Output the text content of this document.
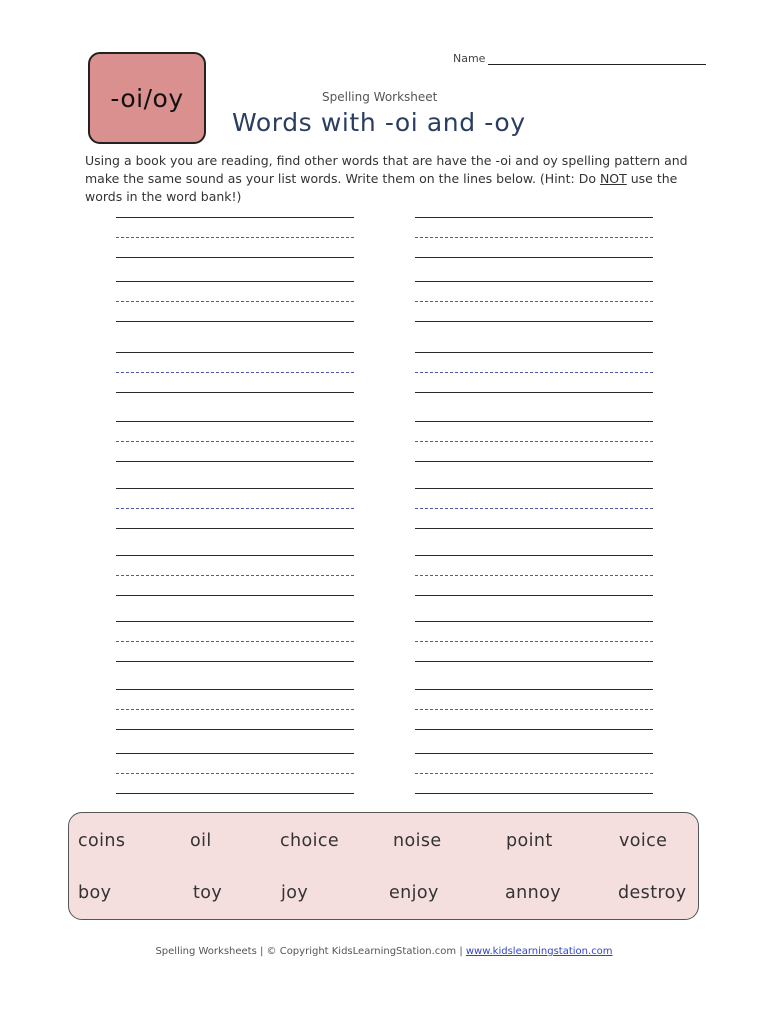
-oi/oy
Name
Spelling Worksheet
Words with -oi and -oy
Using a book you are reading, find other words that are have the -oi and oy spelling pattern and make the same sound as your list words. Write them on the lines below. (Hint: Do NOT use the words in the word bank!)
coins	oil	choice	noise	point	voice
boy	toy	joy	enjoy	annoy	destroy
Spelling Worksheets | © Copyright KidsLearningStation.com | www.kidslearningstation.com
